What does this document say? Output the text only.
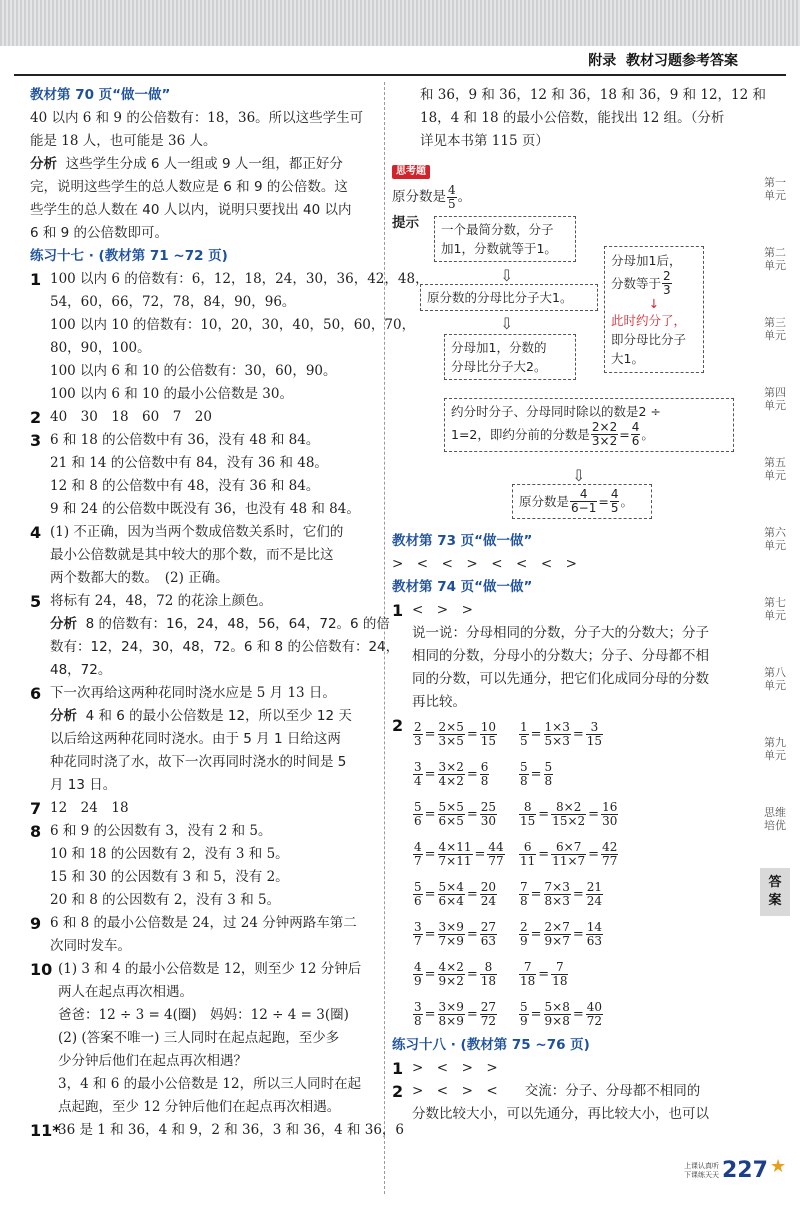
附录 教材习题参考答案
教材第 70 页“做一做”
40 以内 6 和 9 的公倍数有：18，36。所以这些学生可
能是 18 人，也可能是 36 人。
分析 这些学生分成 6 人一组或 9 人一组，都正好分
完，说明这些学生的总人数应是 6 和 9 的公倍数。这
些学生的总人数在 40 人以内，说明只要找出 40 以内
6 和 9 的公倍数即可。
练习十七 · (教材第 71 ~72 页)
1 100 以内 6 的倍数有：6，12，18，24，30，36，42，48，
54，60，66，72，78，84，90，96。
100 以内 10 的倍数有：10，20，30，40，50，60，70，
80，90，100。
100 以内 6 和 10 的公倍数有：30，60，90。
100 以内 6 和 10 的最小公倍数是 30。
2 40　30　18　60　7　20
3 6 和 18 的公倍数中有 36，没有 48 和 84。
21 和 14 的公倍数中有 84，没有 36 和 48。
12 和 8 的公倍数中有 48，没有 36 和 84。
9 和 24 的公倍数中既没有 36，也没有 48 和 84。
4 (1) 不正确，因为当两个数成倍数关系时，它们的
最小公倍数就是其中较大的那个数，而不是比这
两个数都大的数。　(2) 正确。
5 将标有 24，48，72 的花涂上颜色。
分析 8 的倍数有：16，24，48，56，64，72。6 的倍
数有：12，24，30，48，72。6 和 8 的公倍数有：24，
48，72。
6 下一次再给这两种花同时浇水应是 5 月 13 日。
分析 4 和 6 的最小公倍数是 12，所以至少 12 天
以后给这两种花同时浇水。由于 5 月 1 日给这两
种花同时浇了水，故下一次再同时浇水的时间是 5
月 13 日。
7 12　24　18
8 6 和 9 的公因数有 3，没有 2 和 5。
10 和 18 的公因数有 2，没有 3 和 5。
15 和 30 的公因数有 3 和 5，没有 2。
20 和 8 的公因数有 2，没有 3 和 5。
9 6 和 8 的最小公倍数是 24，过 24 分钟两路车第二
次同时发车。
10 (1) 3 和 4 的最小公倍数是 12，则至少 12 分钟后
两人在起点再次相遇。
爸爸：12 ÷ 3 = 4(圈)　妈妈：12 ÷ 4 = 3(圈)
(2) (答案不唯一) 三人同时在起点起跑，至少多
少分钟后他们在起点再次相遇？
3，4 和 6 的最小公倍数是 12，所以三人同时在起
点起跑，至少 12 分钟后他们在起点再次相遇。
11*
36 是 1 和 36，4 和 9，2 和 36，3 和 36，4 和 36，6
和 36，9 和 36，12 和 36，18 和 36，9 和 12，12 和
18，4 和 18 的最小公倍数，能找出 12 组。（分析
详见本书第 115 页）
思考题
原分数是 $\frac{4}{5}$ 。
提示 一个最简分数，分子
加1，分数就等于1。
⇩
原分数的分母比分子大1。
⇩
分母加1，分数的
分母比分子大2。
分母加1后，
分数等于 $\frac{2}{3}$
↓
此时约分了，
即分母比分子
大1。
约分时分子、分母同时除以的数是2 ÷
1=2，即约分前的分数是 $\frac{2\times 2}{3\times 2} = \frac{4}{6}$ 。
⇩
原分数是 $\frac{4}{6-1} = \frac{4}{5}$ 。
教材第 73 页“做一做”
>　<　<　>　<　<　<　>
教材第 74 页“做一做”
1 <　>　>
说一说：分母相同的分数，分子大的分数大；分子
相同的分数，分母小的分数大；分子、分母都不相
同的分数，可以先通分，把它们化成同分母的分数
再比较。
$2 \frac{2}{3} = \frac{2\times 5}{3\times 5} = \frac{10}{15} \frac{1}{5} = \frac{1\times 3}{5\times 3} = \frac{3}{15}$
$\frac{3}{4} = \frac{3\times 2}{4\times 2} = \frac{6}{8} \frac{5}{8} = \frac{5}{8}$
$\frac{5}{6} = \frac{5\times 5}{6\times 5} = \frac{25}{30} \frac{8}{15} = \frac{8\times 2}{15\times 2} = \frac{16}{30}$
$\frac{4}{7} = \frac{4\times 11}{7\times 11} = \frac{44}{77} \frac{6}{11} = \frac{6\times 7}{11\times 7} = \frac{42}{77}$
$\frac{5}{6} = \frac{5\times 4}{6\times 4} = \frac{20}{24} \frac{7}{8} = \frac{7\times 3}{8\times 3} = \frac{21}{24}$
$\frac{3}{7} = \frac{3\times 9}{7\times 9} = \frac{27}{63} \frac{2}{9} = \frac{2\times 7}{9\times 7} = \frac{14}{63}$
$\frac{4}{9} = \frac{4\times 2}{9\times 2} = \frac{8}{18} \frac{7}{18} = \frac{7}{18}$
$\frac{3}{8} = \frac{3\times 9}{8\times 9} = \frac{27}{72} \frac{5}{9} = \frac{5\times 8}{9\times 8} = \frac{40}{72}$
练习十八 · (教材第 75 ~76 页)
1 >　<　>　>
2 >　<　>　<　　交流：分子、分母都不相同的
分数比较大小，可以先通分，再比较大小，也可以
第一
单元
第二
单元
第三
单元
第四
单元
第五
单元
第六
单元
第七
单元
第八
单元
第九
单元
思维
培优
答
案
上课认真听
下课练天天 227 ★
